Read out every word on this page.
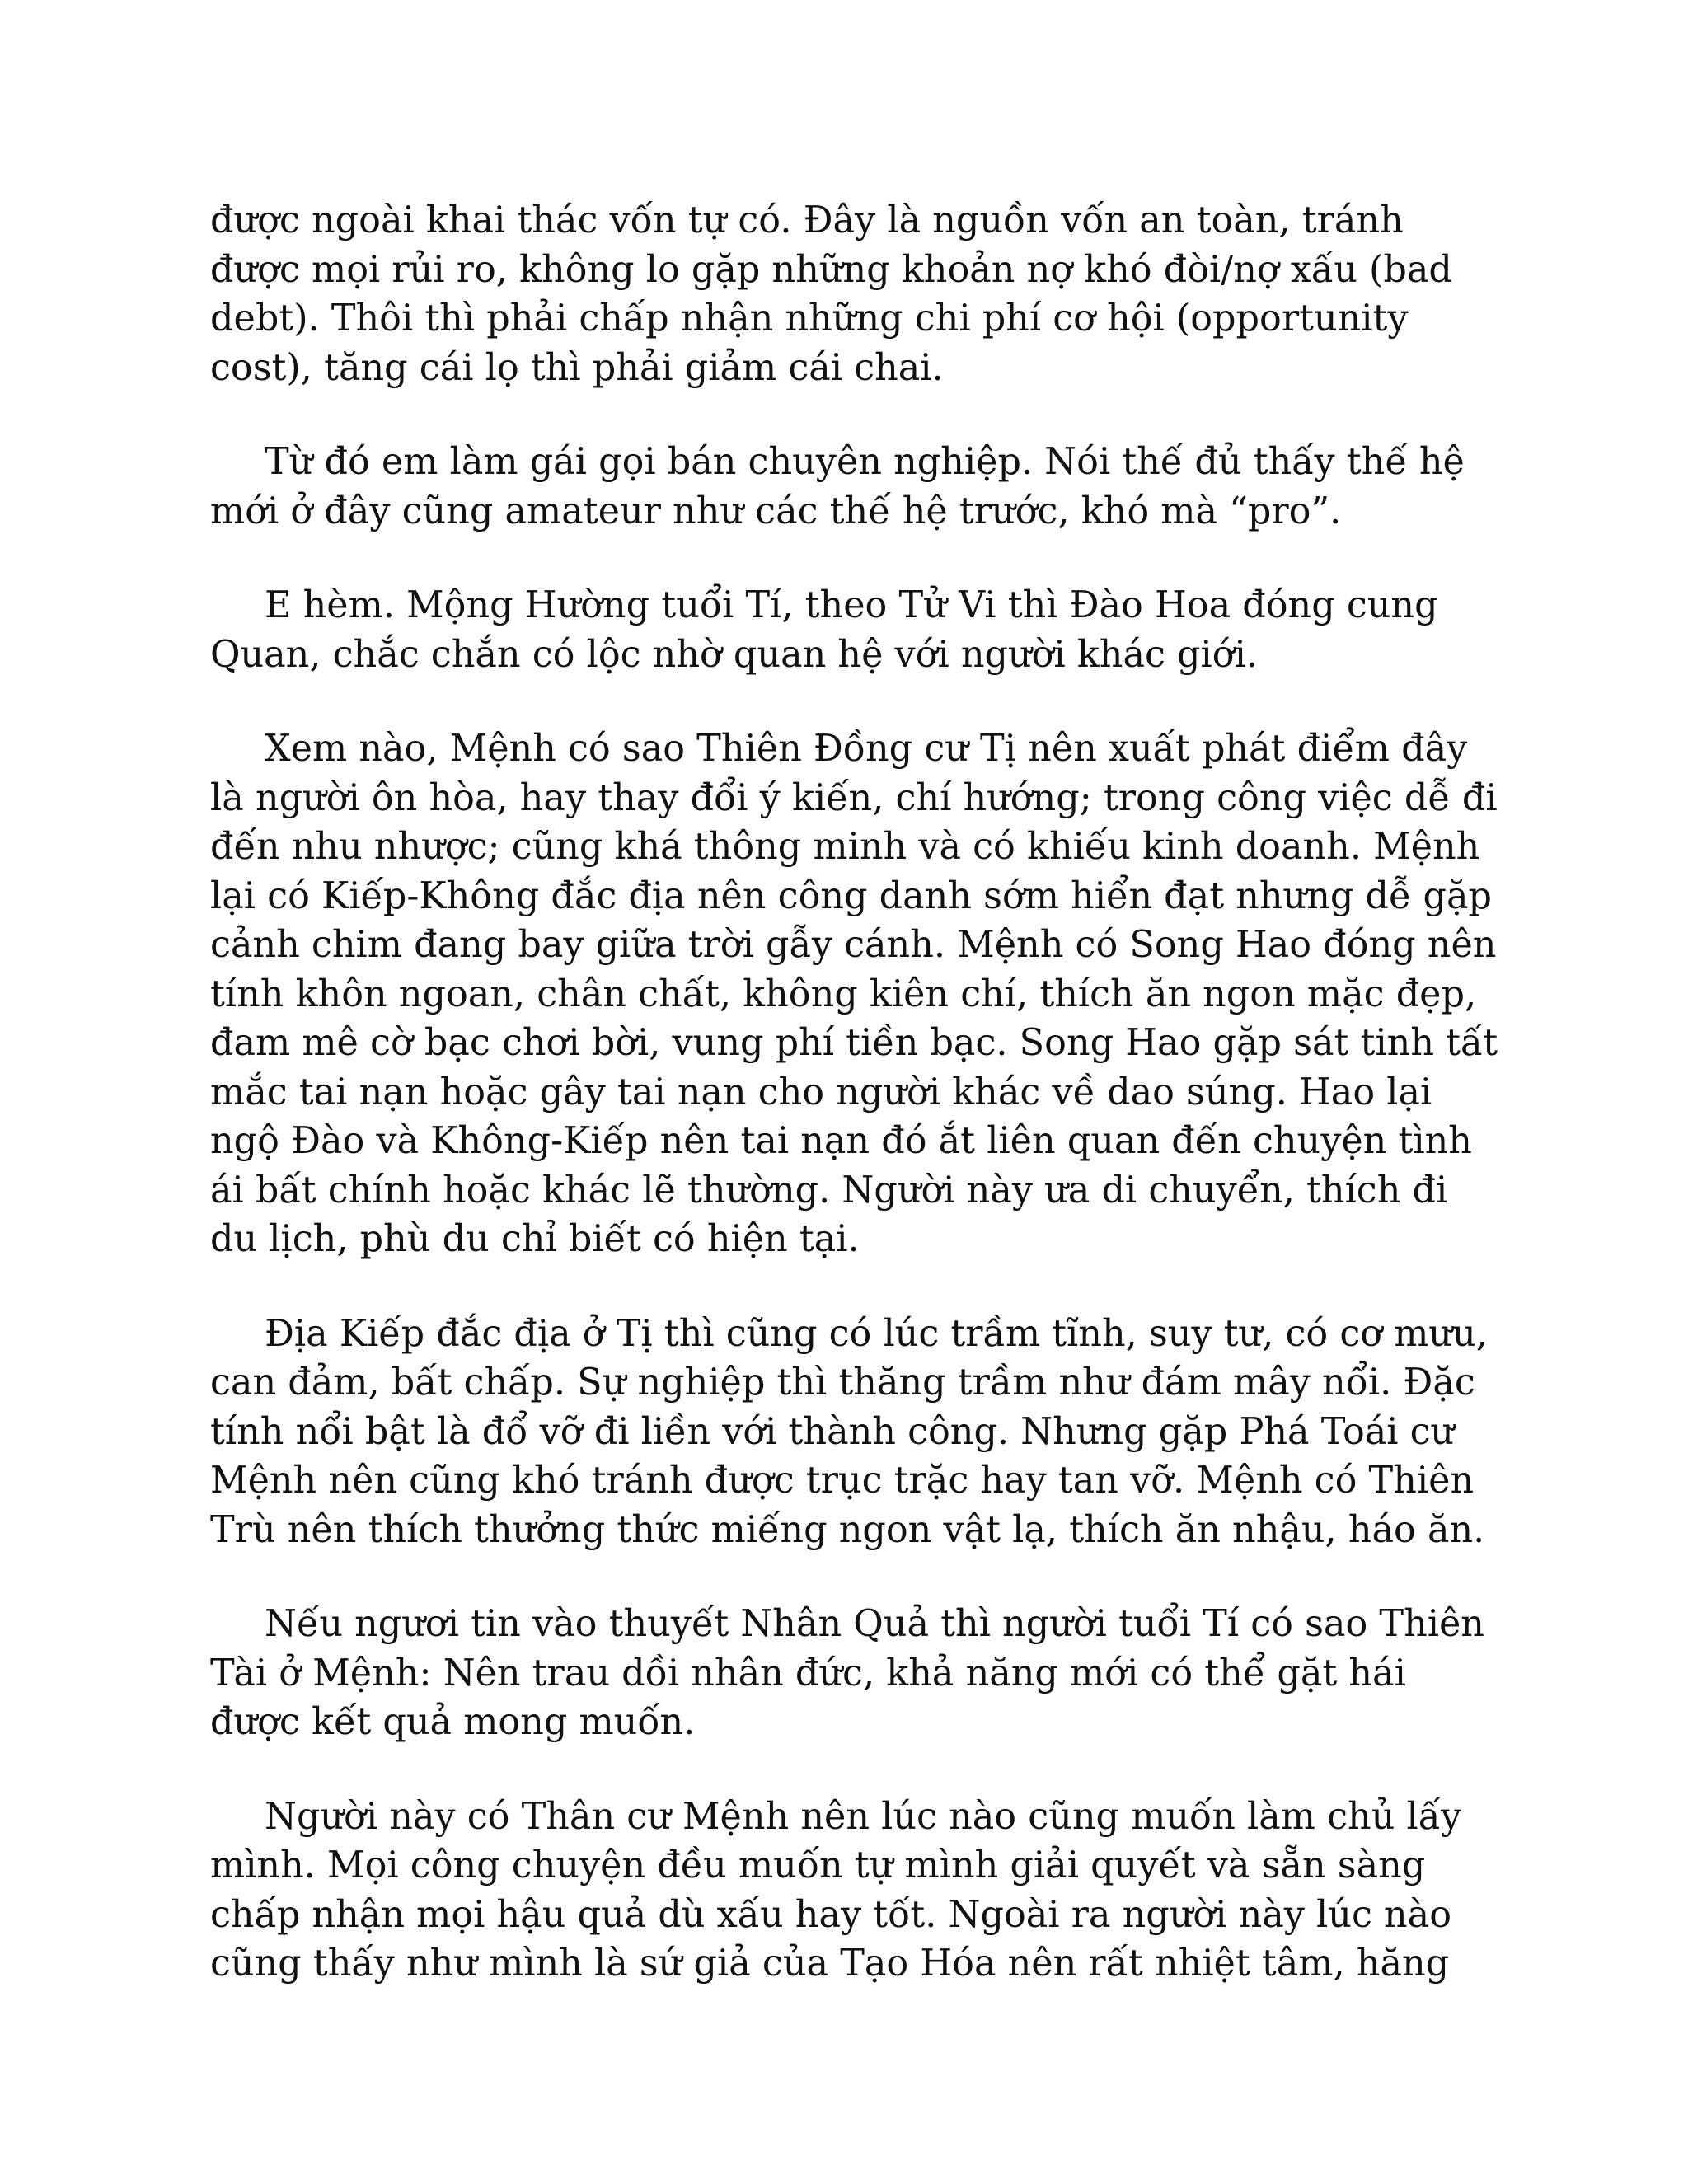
được ngoài khai thác vốn tự có. Đây là nguồn vốn an toàn, tránh
được mọi rủi ro, không lo gặp những khoản nợ khó đòi/nợ xấu (bad
debt). Thôi thì phải chấp nhận những chi phí cơ hội (opportunity
cost), tăng cái lọ thì phải giảm cái chai.

Từ đó em làm gái gọi bán chuyên nghiệp. Nói thế đủ thấy thế hệ
mới ở đây cũng amateur như các thế hệ trước, khó mà “pro”.

E hèm. Mộng Hường tuổi Tí, theo Tử Vi thì Đào Hoa đóng cung
Quan, chắc chắn có lộc nhờ quan hệ với người khác giới.

Xem nào, Mệnh có sao Thiên Đồng cư Tị nên xuất phát điểm đây
là người ôn hòa, hay thay đổi ý kiến, chí hướng; trong công việc dễ đi
đến nhu nhược; cũng khá thông minh và có khiếu kinh doanh. Mệnh
lại có Kiếp-Không đắc địa nên công danh sớm hiển đạt nhưng dễ gặp
cảnh chim đang bay giữa trời gẫy cánh. Mệnh có Song Hao đóng nên
tính khôn ngoan, chân chất, không kiên chí, thích ăn ngon mặc đẹp,
đam mê cờ bạc chơi bời, vung phí tiền bạc. Song Hao gặp sát tinh tất
mắc tai nạn hoặc gây tai nạn cho người khác về dao súng. Hao lại
ngộ Đào và Không-Kiếp nên tai nạn đó ắt liên quan đến chuyện tình
ái bất chính hoặc khác lẽ thường. Người này ưa di chuyển, thích đi
du lịch, phù du chỉ biết có hiện tại.

Địa Kiếp đắc địa ở Tị thì cũng có lúc trầm tĩnh, suy tư, có cơ mưu,
can đảm, bất chấp. Sự nghiệp thì thăng trầm như đám mây nổi. Đặc
tính nổi bật là đổ vỡ đi liền với thành công. Nhưng gặp Phá Toái cư
Mệnh nên cũng khó tránh được trục trặc hay tan vỡ. Mệnh có Thiên
Trù nên thích thưởng thức miếng ngon vật lạ, thích ăn nhậu, háo ăn.

Nếu ngươi tin vào thuyết Nhân Quả thì người tuổi Tí có sao Thiên
Tài ở Mệnh: Nên trau dồi nhân đức, khả năng mới có thể gặt hái
được kết quả mong muốn.

Người này có Thân cư Mệnh nên lúc nào cũng muốn làm chủ lấy
mình. Mọi công chuyện đều muốn tự mình giải quyết và sẵn sàng
chấp nhận mọi hậu quả dù xấu hay tốt. Ngoài ra người này lúc nào
cũng thấy như mình là sứ giả của Tạo Hóa nên rất nhiệt tâm, hăng
